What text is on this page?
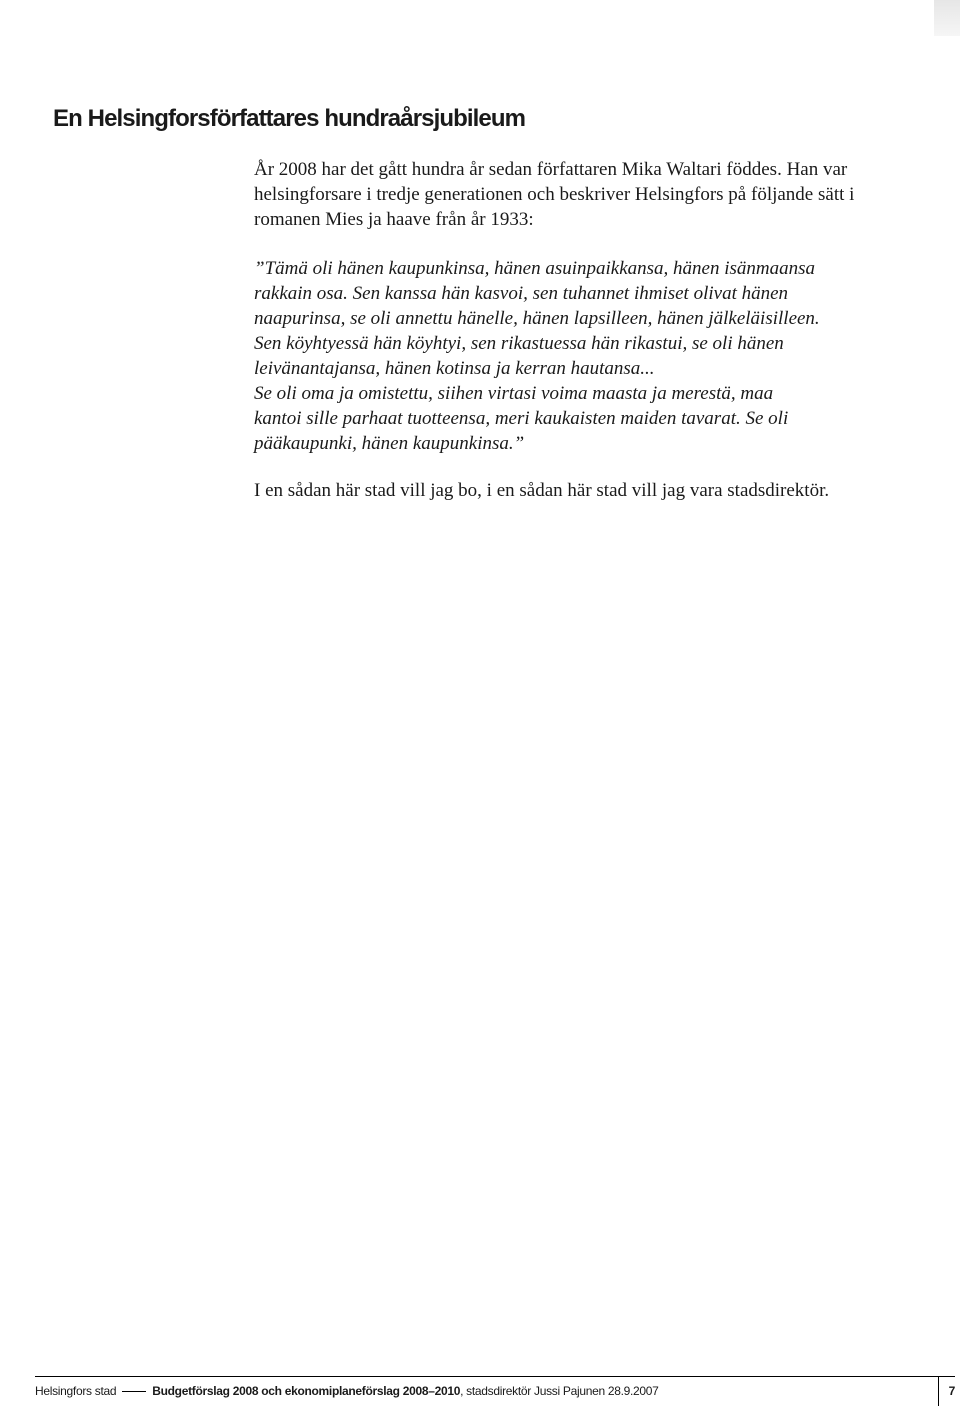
En Helsingforsförfattares hundraårsjubileum

År 2008 har det gått hundra år sedan författaren Mika Waltari föddes. Han var
helsingforsare i tredje generationen och beskriver Helsingfors på följande sätt i
romanen Mies ja haave från år 1933:

”Tämä oli hänen kaupunkinsa, hänen asuinpaikkansa, hänen isänmaansa
rakkain osa. Sen kanssa hän kasvoi, sen tuhannet ihmiset olivat hänen
naapurinsa, se oli annettu hänelle, hänen lapsilleen, hänen jälkeläisilleen.
Sen köyhtyessä hän köyhtyi, sen rikastuessa hän rikastui, se oli hänen
leivänantajansa, hänen kotinsa ja kerran hautansa...
Se oli oma ja omistettu, siihen virtasi voima maasta ja merestä, maa
kantoi sille parhaat tuotteensa, meri kaukaisten maiden tavarat. Se oli
pääkaupunki, hänen kaupunkinsa.”

I en sådan här stad vill jag bo, i en sådan här stad vill jag vara stadsdirektör.

Helsingfors stad	Budgetförslag 2008 och ekonomiplaneförslag 2008–2010, stadsdirektör Jussi Pajunen 28.9.2007	7
